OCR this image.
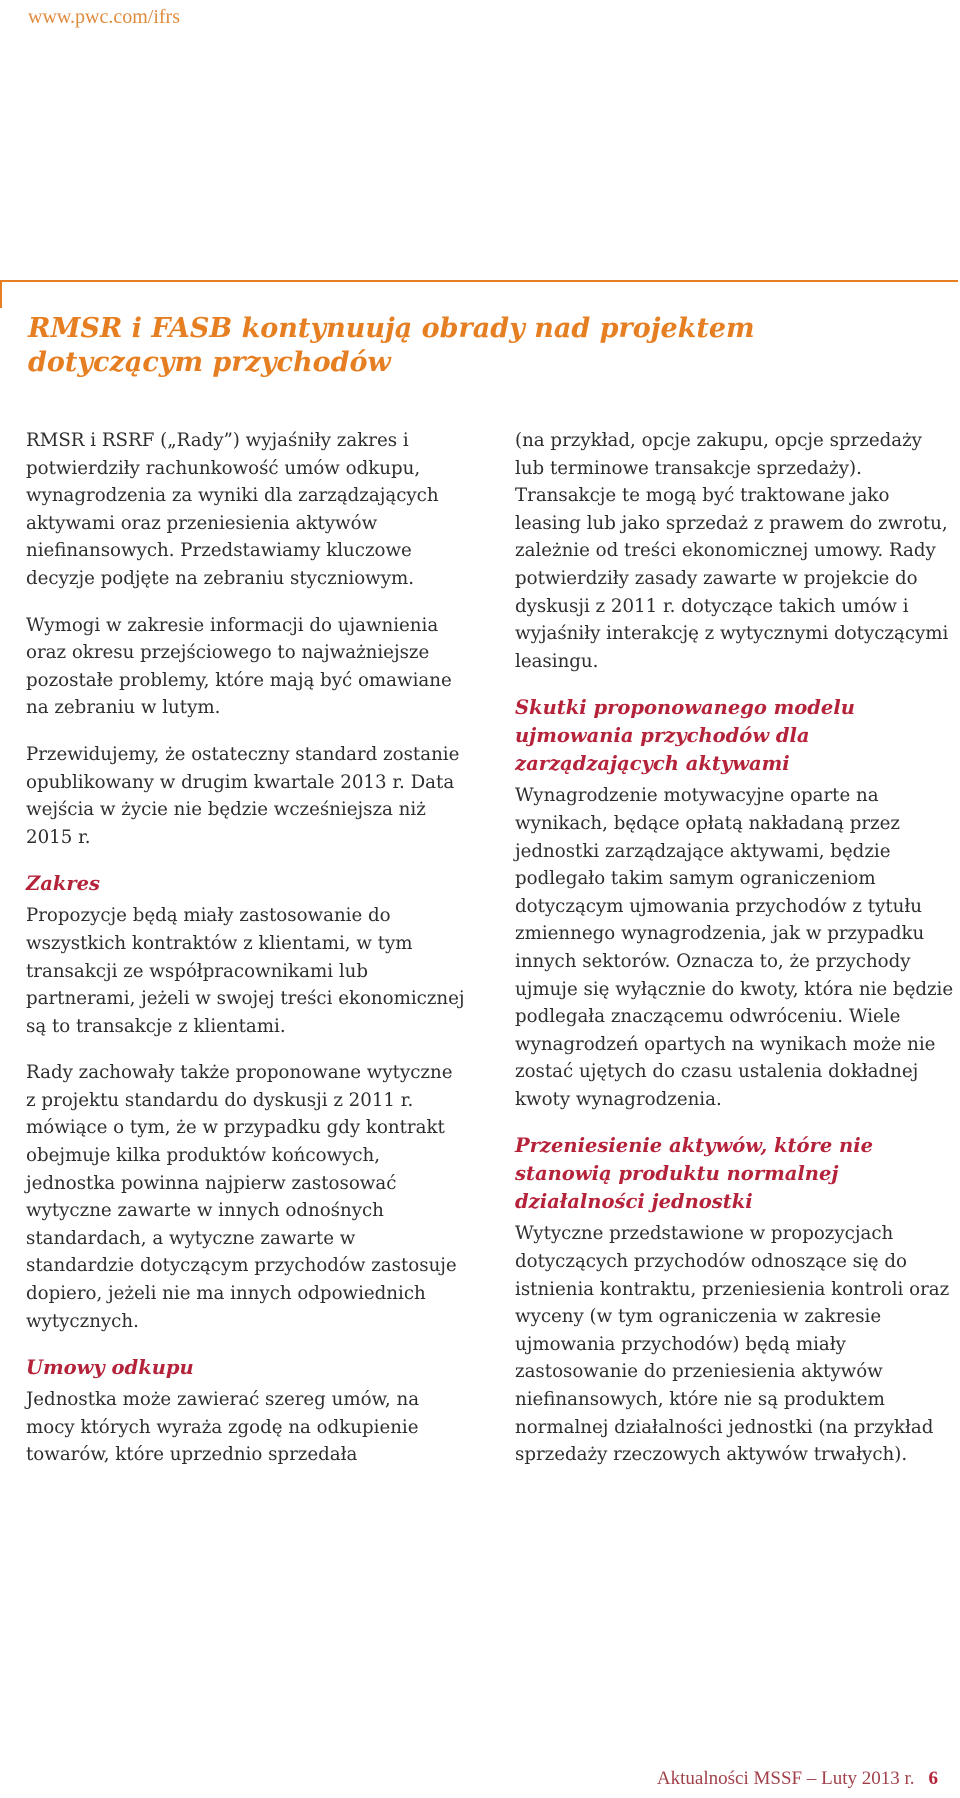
www.pwc.com/ifrs
RMSR i FASB kontynuują obrady nad projektem dotyczącym przychodów

RMSR i RSRF („Rady”) wyjaśniły zakres i potwierdziły rachunkowość umów odkupu, wynagrodzenia za wyniki dla zarządzających aktywami oraz przeniesienia aktywów niefinansowych. Przedstawiamy kluczowe decyzje podjęte na zebraniu styczniowym.

Wymogi w zakresie informacji do ujawnienia oraz okresu przejściowego to najważniejsze pozostałe problemy, które mają być omawiane na zebraniu w lutym.

Przewidujemy, że ostateczny standard zostanie opublikowany w drugim kwartale 2013 r. Data wejścia w życie nie będzie wcześniejsza niż 2015 r.

Zakres

Propozycje będą miały zastosowanie do wszystkich kontraktów z klientami, w tym transakcji ze współpracownikami lub partnerami, jeżeli w swojej treści ekonomicznej są to transakcje z klientami.

Rady zachowały także proponowane wytyczne z projektu standardu do dyskusji z 2011 r. mówiące o tym, że w przypadku gdy kontrakt obejmuje kilka produktów końcowych, jednostka powinna najpierw zastosować wytyczne zawarte w innych odnośnych standardach, a wytyczne zawarte w standardzie dotyczącym przychodów zastosuje dopiero, jeżeli nie ma innych odpowiednich wytycznych.

Umowy odkupu

Jednostka może zawierać szereg umów, na mocy których wyraża zgodę na odkupienie towarów, które uprzednio sprzedała

(na przykład, opcje zakupu, opcje sprzedaży lub terminowe transakcje sprzedaży). Transakcje te mogą być traktowane jako leasing lub jako sprzedaż z prawem do zwrotu, zależnie od treści ekonomicznej umowy. Rady potwierdziły zasady zawarte w projekcie do dyskusji z 2011 r. dotyczące takich umów i wyjaśniły interakcję z wytycznymi dotyczącymi leasingu.

Skutki proponowanego modelu ujmowania przychodów dla zarządzających aktywami

Wynagrodzenie motywacyjne oparte na wynikach, będące opłatą nakładaną przez jednostki zarządzające aktywami, będzie podlegało takim samym ograniczeniom dotyczącym ujmowania przychodów z tytułu zmiennego wynagrodzenia, jak w przypadku innych sektorów. Oznacza to, że przychody ujmuje się wyłącznie do kwoty, która nie będzie podlegała znaczącemu odwróceniu. Wiele wynagrodzeń opartych na wynikach może nie zostać ujętych do czasu ustalenia dokładnej kwoty wynagrodzenia.

Przeniesienie aktywów, które nie stanowią produktu normalnej działalności jednostki

Wytyczne przedstawione w propozycjach dotyczących przychodów odnoszące się do istnienia kontraktu, przeniesienia kontroli oraz wyceny (w tym ograniczenia w zakresie ujmowania przychodów) będą miały zastosowanie do przeniesienia aktywów niefinansowych, które nie są produktem normalnej działalności jednostki (na przykład sprzedaży rzeczowych aktywów trwałych).

Aktualności MSSF – Luty 2013 r. 6
